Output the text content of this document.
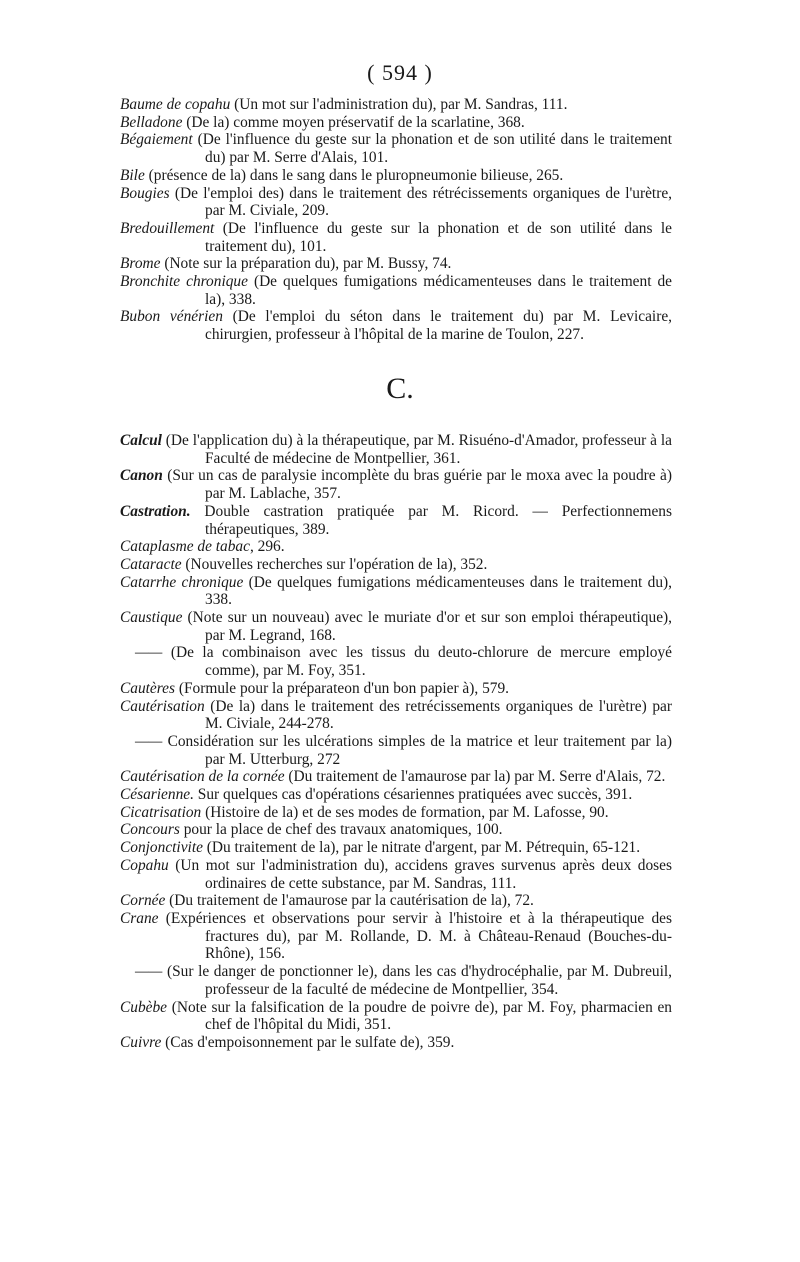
( 594 )
Baume de copahu (Un mot sur l'administration du), par M. Sandras, 111.
Belladone (De la) comme moyen préservatif de la scarlatine, 368.
Bégaiement (De l'influence du geste sur la phonation et de son utilité dans le traitement du) par M. Serre d'Alais, 101.
Bile (présence de la) dans le sang dans le pluropneumonie bilieuse, 265.
Bougies (De l'emploi des) dans le traitement des rétrécissements organiques de l'urètre, par M. Civiale, 209.
Bredouillement (De l'influence du geste sur la phonation et de son utilité dans le traitement du), 101.
Brome (Note sur la préparation du), par M. Bussy, 74.
Bronchite chronique (De quelques fumigations médicamenteuses dans le traitement de la), 338.
Bubon vénérien (De l'emploi du séton dans le traitement du) par M. Levicaire, chirurgien, professeur à l'hôpital de la marine de Toulon, 227.
C.
Calcul (De l'application du) à la thérapeutique, par M. Risuéno-d'Amador, professeur à la Faculté de médecine de Montpellier, 361.
Canon (Sur un cas de paralysie incomplète du bras guérie par le moxa avec la poudre à) par M. Lablache, 357.
Castration. Double castration pratiquée par M. Ricord. — Perfectionnemens thérapeutiques, 389.
Cataplasme de tabac, 296.
Cataracte (Nouvelles recherches sur l'opération de la), 352.
Catarrhe chronique (De quelques fumigations médicamenteuses dans le traitement du), 338.
Caustique (Note sur un nouveau) avec le muriate d'or et sur son emploi thérapeutique), par M. Legrand, 168.
—— (De la combinaison avec les tissus du deuto-chlorure de mercure employé comme), par M. Foy, 351.
Cautères (Formule pour la préparateon d'un bon papier à), 579.
Cautérisation (De la) dans le traitement des retrécissements organiques de l'urètre) par M. Civiale, 244-278.
—— Considération sur les ulcérations simples de la matrice et leur traitement par la) par M. Utterburg, 272
Cautérisation de la cornée (Du traitement de l'amaurose par la) par M. Serre d'Alais, 72.
Césarienne. Sur quelques cas d'opérations césariennes pratiquées avec succès, 391.
Cicatrisation (Histoire de la) et de ses modes de formation, par M. Lafosse, 90.
Concours pour la place de chef des travaux anatomiques, 100.
Conjonctivite (Du traitement de la), par le nitrate d'argent, par M. Pétrequin, 65-121.
Copahu (Un mot sur l'administration du), accidens graves survenus après deux doses ordinaires de cette substance, par M. Sandras, 111.
Cornée (Du traitement de l'amaurose par la cautérisation de la), 72.
Crane (Expériences et observations pour servir à l'histoire et à la thérapeutique des fractures du), par M. Rollande, D. M. à Château-Renaud (Bouches-du-Rhône), 156.
—— (Sur le danger de ponctionner le), dans les cas d'hydrocéphalie, par M. Dubreuil, professeur de la faculté de médecine de Montpellier, 354.
Cubèbe (Note sur la falsification de la poudre de poivre de), par M. Foy, pharmacien en chef de l'hôpital du Midi, 351.
Cuivre (Cas d'empoisonnement par le sulfate de), 359.
